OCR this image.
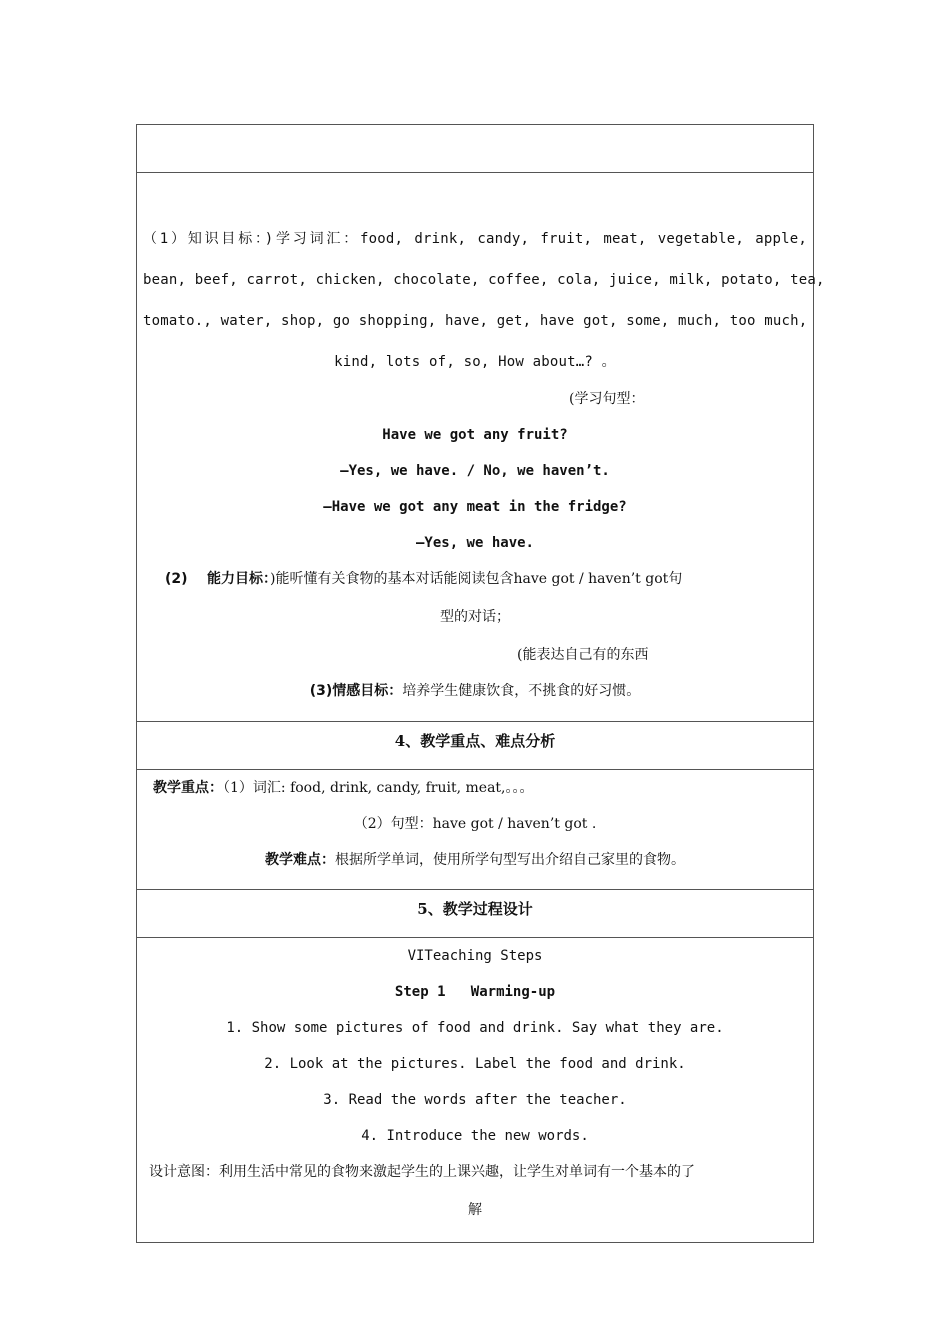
（1）知识目标：)学习词汇：food, drink, candy, fruit, meat, vegetable, apple,
bean, beef, carrot, chicken, chocolate, coffee, cola, juice, milk, potato, tea,
tomato., water, shop, go shopping, have, get, have got, some, much, too much,
kind, lots of, so, How about…? 。
(学习句型：
Have we got any fruit?
—Yes, we have. / No, we haven’t.
—Have we got any meat in the fridge?
—Yes, we have.
(2)    能力目标：)能听懂有关食物的基本对话能阅读包含have got / haven’t got句
型的对话；
(能表达自己有的东西
(3)情感目标：培养学生健康饮食，不挑食的好习惯。
4、教学重点、难点分析
教学重点：（1）词汇: food, drink, candy, fruit, meat,。。。
（2）句型：have got / haven’t got .
教学难点：根据所学单词，使用所学句型写出介绍自己家里的食物。
5、教学过程设计
VITeaching Steps
Step 1   Warming-up
1. Show some pictures of food and drink. Say what they are.
2. Look at the pictures. Label the food and drink.
3. Read the words after the teacher.
4. Introduce the new words.
设计意图：利用生活中常见的食物来激起学生的上课兴趣，让学生对单词有一个基本的了
解
